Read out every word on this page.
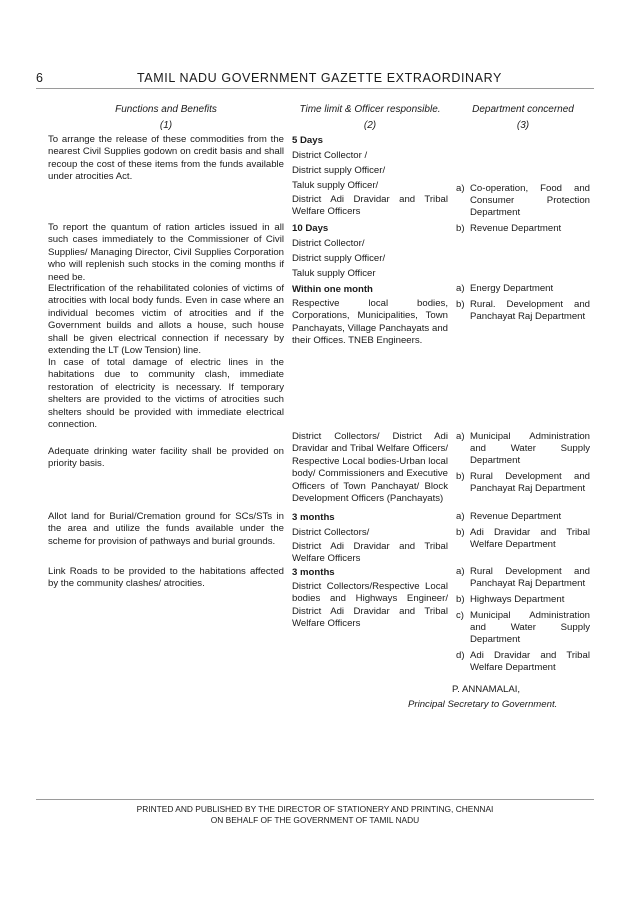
6	TAMIL NADU GOVERNMENT GAZETTE EXTRAORDINARY
Functions and Benefits
(1)
Time limit & Officer responsible.
(2)
Department concerned
(3)
To arrange the release of these commodities from the nearest Civil Supplies godown on credit basis and shall recoup the cost of these items from the funds available under atrocities Act.
5 Days
District Collector /
District supply Officer/
Taluk supply Officer/
District Adi Dravidar and Tribal Welfare Officers
a) Co-operation, Food and Consumer Protection Department
b) Revenue Department
To report the quantum of ration articles issued in all such cases immediately to the Commissioner of Civil Supplies/ Managing Director, Civil Supplies Corporation who will replenish such stocks in the coming months if need be.
10 Days
District Collector/
District supply Officer/
Taluk supply Officer
Electrification of the rehabilitated colonies of victims of atrocities with local body funds. Even in case where an individual becomes victim of atrocities and if the Government builds and allots a house, such house shall be given electrical connection if necessary by extending the LT (Low Tension) line.
Within one month
Respective local bodies, Corporations, Municipalities, Town Panchayats, Village Panchayats and their Offices. TNEB Engineers.
a) Energy Department
b) Rural. Development and Panchayat Raj Department
In case of total damage of electric lines in the habitations due to community clash, immediate restoration of electricity is necessary. If temporary shelters are provided to the victims of atrocities such shelters should be provided with immediate electrical connection.
Adequate drinking water facility shall be provided on priority basis.
District Collectors/ District Adi Dravidar and Tribal Welfare Officers/ Respective Local bodies-Urban local body/ Commissioners and Executive Officers of Town Panchayat/ Block Development Officers (Panchayats)
a) Municipal Administration and Water Supply Department
b) Rural Development and Panchayat Raj Department
Allot land for Burial/Cremation ground for SCs/STs in the area and utilize the funds available under the scheme for provision of pathways and burial grounds.
3 months
District Collectors/
District Adi Dravidar and Tribal Welfare Officers
a) Revenue Department
b) Adi Dravidar and Tribal Welfare Department
Link Roads to be provided to the habitations affected by the community clashes/ atrocities.
3 months
District Collectors/Respective Local bodies and Highways Engineer/ District Adi Dravidar and Tribal Welfare Officers
a) Rural Development and Panchayat Raj Department
b) Highways Department
c) Municipal Administration and Water Supply Department
d) Adi Dravidar and Tribal Welfare Department
P. ANNAMALAI,
Principal Secretary to Government.
PRINTED AND PUBLISHED BY THE DIRECTOR OF STATIONERY AND PRINTING, CHENNAI
ON BEHALF OF THE GOVERNMENT OF TAMIL NADU
